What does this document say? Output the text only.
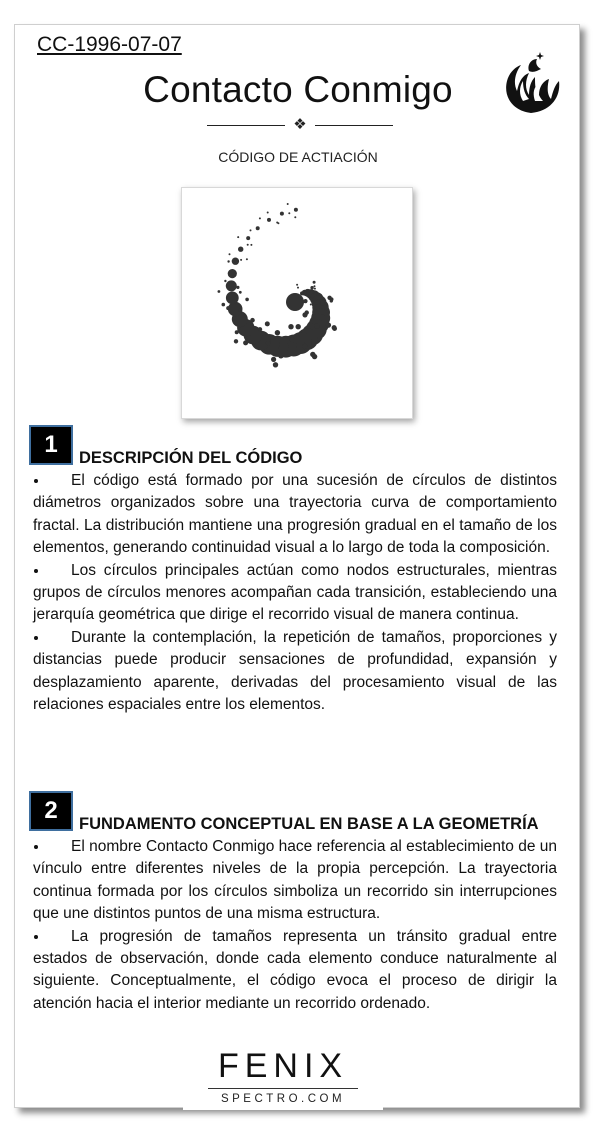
CC-1996-07-07
Contacto Conmigo
❖
CÓDIGO DE ACTIACIÓN
1	DESCRIPCIÓN DEL CÓDIGO

El código está formado por una sucesión de círculos de distintos diámetros organizados sobre una trayectoria curva de comportamiento fractal. La distribución mantiene una progresión gradual en el tamaño de los elementos, generando continuidad visual a lo largo de toda la composición.

Los círculos principales actúan como nodos estructurales, mientras grupos de círculos menores acompañan cada transición, estableciendo una jerarquía geométrica que dirige el recorrido visual de manera continua.

Durante la contemplación, la repetición de tamaños, proporciones y distancias puede producir sensaciones de profundidad, expansión y desplazamiento aparente, derivadas del procesamiento visual de las relaciones espaciales entre los elementos.

2	FUNDAMENTO CONCEPTUAL EN BASE A LA GEOMETRÍA

El nombre Contacto Conmigo hace referencia al establecimiento de un vínculo entre diferentes niveles de la propia percepción. La trayectoria continua formada por los círculos simboliza un recorrido sin interrupciones que une distintos puntos de una misma estructura.

La progresión de tamaños representa un tránsito gradual entre estados de observación, donde cada elemento conduce naturalmente al siguiente. Conceptualmente, el código evoca el proceso de dirigir la atención hacia el interior mediante un recorrido ordenado.

FENIX
SPECTRO.COM
